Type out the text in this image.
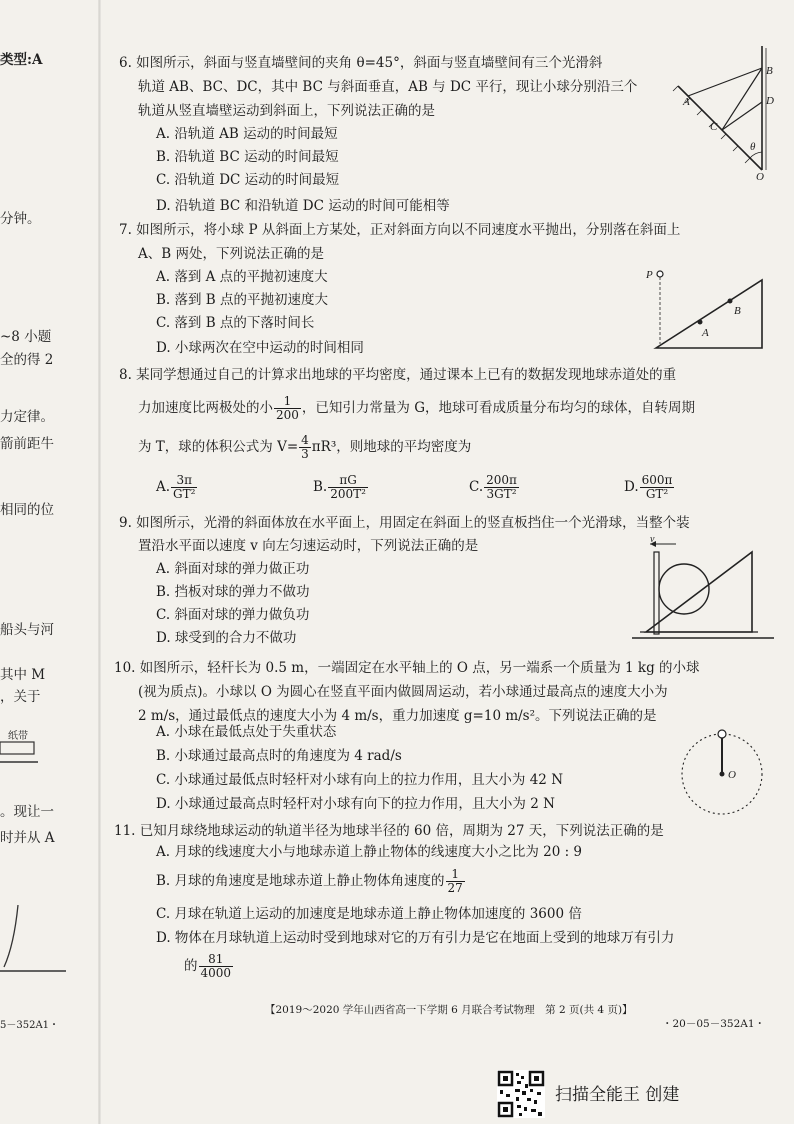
类型:A
分钟。
~8 小题
全的得 2
力定律。
箭前距牛
相同的位
船头与河
其中 M
，关于
纸带
。现让一
时并从 A
5－352A1・
6. 如图所示，斜面与竖直墙壁间的夹角 θ=45°，斜面与竖直墙壁间有三个光滑斜
轨道 AB、BC、DC，其中 BC 与斜面垂直，AB 与 DC 平行，现让小球分别沿三个
轨道从竖直墙壁运动到斜面上，下列说法正确的是
A. 沿轨道 AB 运动的时间最短
B. 沿轨道 BC 运动的时间最短
C. 沿轨道 DC 运动的时间最短
D. 沿轨道 BC 和沿轨道 DC 运动的时间可能相等
A
B
C
D
θ
O
7. 如图所示，将小球 P 从斜面上方某处，正对斜面方向以不同速度水平抛出，分别落在斜面上
A、B 两处，下列说法正确的是
A. 落到 A 点的平抛初速度大
B. 落到 B 点的平抛初速度大
C. 落到 B 点的下落时间长
D. 小球两次在空中运动的时间相同
P
A
B
8. 某同学想通过自己的计算求出地球的平均密度，通过课本上已有的数据发现地球赤道处的重
力加速度比两极处的小 $\frac{1}{200}$ ，已知引力常量为 G，地球可看成质量分布均匀的球体，自转周期
为 T，球的体积公式为 $V= \frac{4}{3} \pi R^3$，则地球的平均密度为
A. $\frac{3\pi}{\text{GT²}}$	B. $\frac{\pi G}{\text{200T²}}$	C. $\frac{200\pi}{\text{3GT²}}$	D. $\frac{600\pi}{\text{GT²}}$
9. 如图所示，光滑的斜面体放在水平面上，用固定在斜面上的竖直板挡住一个光滑球，当整个装
置沿水平面以速度 v 向左匀速运动时，下列说法正确的是
A. 斜面对球的弹力做正功
B. 挡板对球的弹力不做功
C. 斜面对球的弹力做负功
D. 球受到的合力不做功
v
10. 如图所示，轻杆长为 0.5 m，一端固定在水平轴上的 O 点，另一端系一个质量为 1 kg 的小球
(视为质点)。小球以 O 为圆心在竖直平面内做圆周运动，若小球通过最高点的速度大小为
2 m/s，通过最低点的速度大小为 4 m/s，重力加速度 g=10 m/s²。下列说法正确的是
A. 小球在最低点处于失重状态
B. 小球通过最高点时的角速度为 4 rad/s
C. 小球通过最低点时轻杆对小球有向上的拉力作用，且大小为 42 N
D. 小球通过最高点时轻杆对小球有向下的拉力作用，且大小为 2 N
O
11. 已知月球绕地球运动的轨道半径为地球半径的 60 倍，周期为 27 天，下列说法正确的是
A. 月球的线速度大小与地球赤道上静止物体的线速度大小之比为 20 : 9
B. 月球的角速度是地球赤道上静止物体角速度的 $\frac{1}{27}$
C. 月球在轨道上运动的加速度是地球赤道上静止物体加速度的 3600 倍
D. 物体在月球轨道上运动时受到地球对它的万有引力是它在地面上受到的地球万有引力
的 $\frac{81}{4000}$
【2019～2020 学年山西省高一下学期 6 月联合考试物理　第 2 页(共 4 页)】
・20－05－352A1・
扫描全能王 创建
